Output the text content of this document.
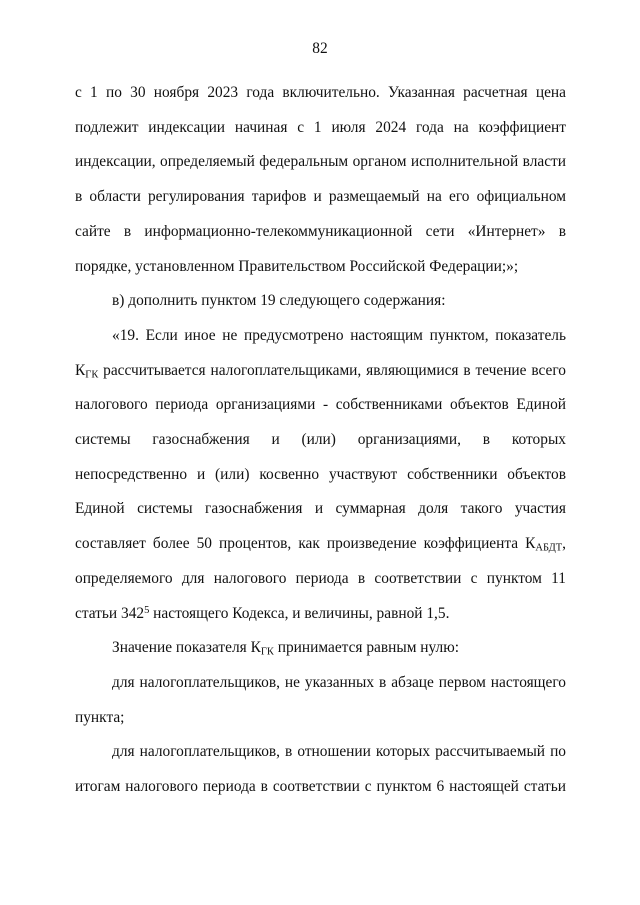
82

с 1 по 30 ноября 2023 года включительно. Указанная расчетная цена подлежит индексации начиная с 1 июля 2024 года на коэффициент индексации, определяемый федеральным органом исполнительной власти в области регулирования тарифов и размещаемый на его официальном сайте в информационно-телекоммуникационной сети «Интернет» в порядке, установленном Правительством Российской Федерации;»;

в) дополнить пунктом 19 следующего содержания:

«19. Если иное не предусмотрено настоящим пунктом, показатель $К_{ГК}$ рассчитывается налогоплательщиками, являющимися в течение всего налогового периода организациями - собственниками объектов Единой системы газоснабжения и (или) организациями, в которых непосредственно и (или) косвенно участвуют собственники объектов Единой системы газоснабжения и суммарная доля такого участия составляет более 50 процентов, как произведение коэффициента $К_{АБДТ}$, определяемого для налогового периода в соответствии с пунктом 11 статьи $342^5$ настоящего Кодекса, и величины, равной 1,5.

Значение показателя $К_{ГК}$ принимается равным нулю:

для налогоплательщиков, не указанных в абзаце первом настоящего пункта;

для налогоплательщиков, в отношении которых рассчитываемый по итогам налогового периода в соответствии с пунктом 6 настоящей статьи
